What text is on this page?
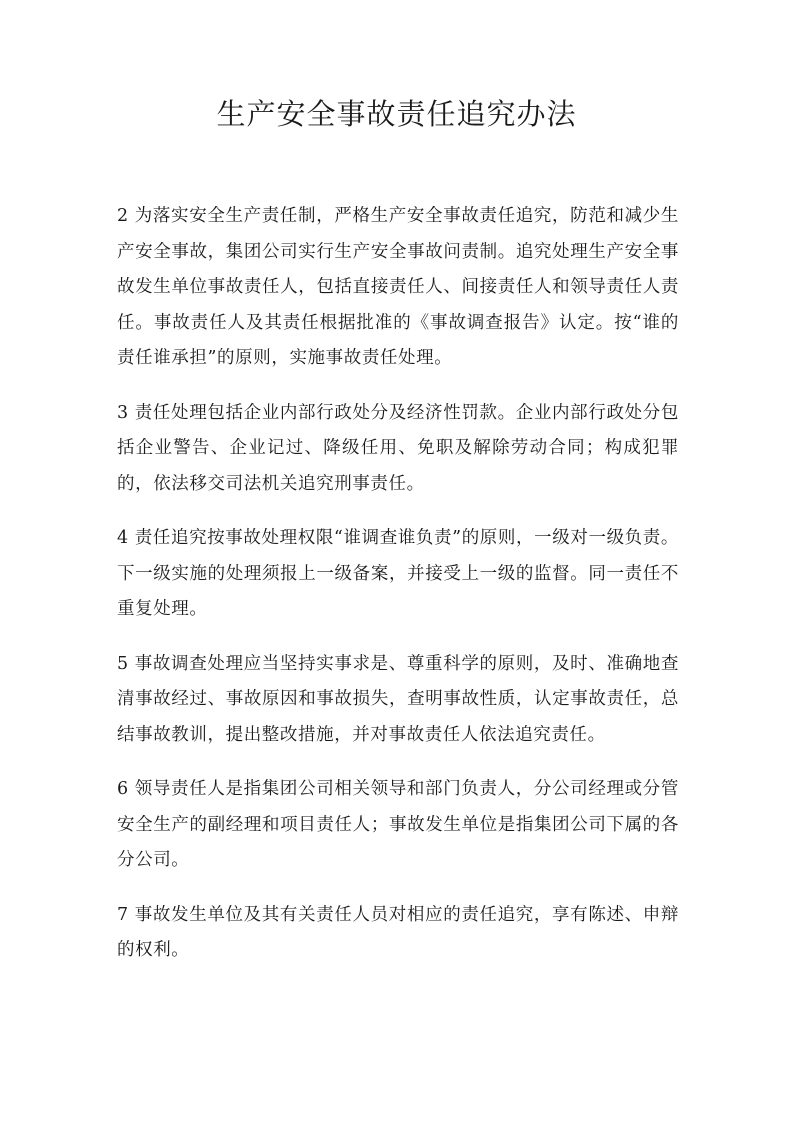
生产安全事故责任追究办法

2 为落实安全生产责任制，严格生产安全事故责任追究，防范和减少生产安全事故，集团公司实行生产安全事故问责制。追究处理生产安全事故发生单位事故责任人，包括直接责任人、间接责任人和领导责任人责任。事故责任人及其责任根据批准的《事故调查报告》认定。按“谁的责任谁承担”的原则，实施事故责任处理。

3 责任处理包括企业内部行政处分及经济性罚款。企业内部行政处分包括企业警告、企业记过、降级任用、免职及解除劳动合同；构成犯罪的，依法移交司法机关追究刑事责任。

4 责任追究按事故处理权限“谁调查谁负责”的原则，一级对一级负责。下一级实施的处理须报上一级备案，并接受上一级的监督。同一责任不重复处理。

5 事故调查处理应当坚持实事求是、尊重科学的原则，及时、准确地查清事故经过、事故原因和事故损失，查明事故性质，认定事故责任，总结事故教训，提出整改措施，并对事故责任人依法追究责任。

6 领导责任人是指集团公司相关领导和部门负责人，分公司经理或分管安全生产的副经理和项目责任人；事故发生单位是指集团公司下属的各分公司。

7 事故发生单位及其有关责任人员对相应的责任追究，享有陈述、申辩的权利。
